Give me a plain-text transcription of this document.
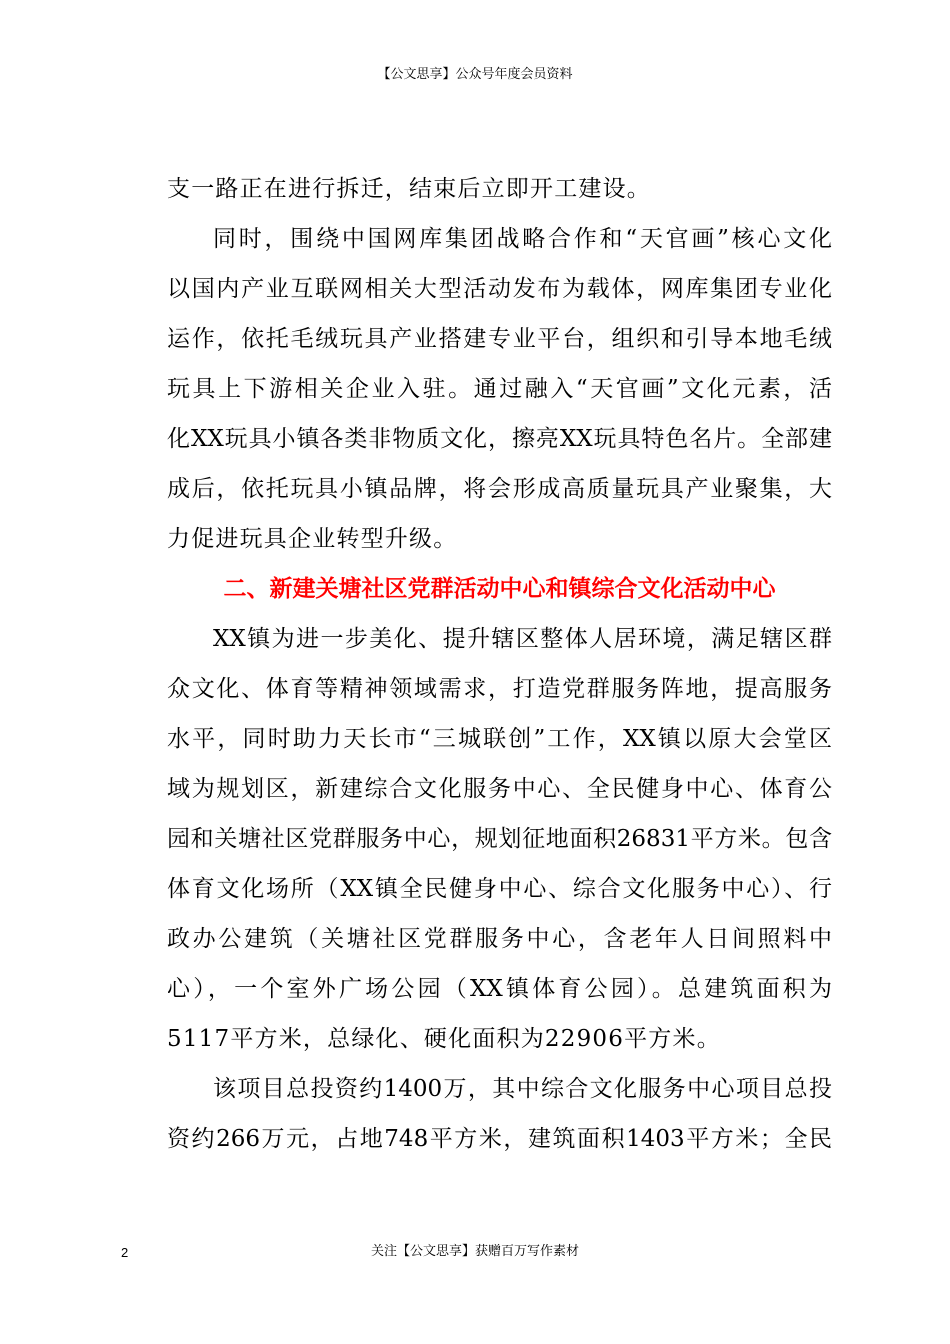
【公文思享】公众号年度会员资料
支一路正在进行拆迁，结束后立即开工建设。
同时，围绕中国网库集团战略合作和“天官画”核心文化
以国内产业互联网相关大型活动发布为载体，网库集团专业化
运作，依托毛绒玩具产业搭建专业平台，组织和引导本地毛绒
玩具上下游相关企业入驻。通过融入“天官画”文化元素，活
化XX玩具小镇各类非物质文化，擦亮XX玩具特色名片。全部建
成后，依托玩具小镇品牌，将会形成高质量玩具产业聚集，大
力促进玩具企业转型升级。
二、新建关塘社区党群活动中心和镇综合文化活动中心
XX镇为进一步美化、提升辖区整体人居环境，满足辖区群
众文化、体育等精神领域需求，打造党群服务阵地，提高服务
水平，同时助力天长市“三城联创”工作，XX镇以原大会堂区
域为规划区，新建综合文化服务中心、全民健身中心、体育公
园和关塘社区党群服务中心，规划征地面积26831平方米。包含
体育文化场所（XX镇全民健身中心、综合文化服务中心）、行
政办公建筑（关塘社区党群服务中心，含老年人日间照料中
心），一个室外广场公园（XX镇体育公园）。总建筑面积为
5117平方米，总绿化、硬化面积为22906平方米。
该项目总投资约1400万，其中综合文化服务中心项目总投
资约266万元，占地748平方米，建筑面积1403平方米；全民
2	关注【公文思享】获赠百万写作素材
